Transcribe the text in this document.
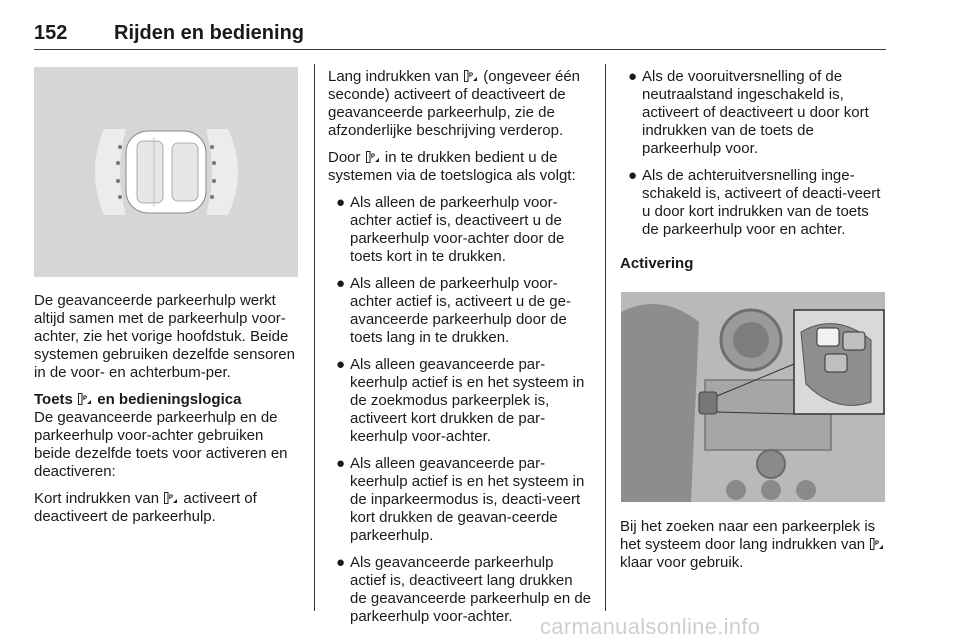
152 Rijden en bediening

De geavanceerde parkeerhulp werkt altijd samen met de parkeerhulp voor-achter, zie het vorige hoofdstuk. Beide systemen gebruiken dezelfde sensoren in de voor- en achterbum-per.

Toets P en bedieningslogica

De geavanceerde parkeerhulp en de parkeerhulp voor-achter gebruiken beide dezelfde toets voor activeren en deactiveren:

Kort indrukken van P activeert of deactiveert de parkeerhulp.

Lang indrukken van P (ongeveer één seconde) activeert of deactiveert de geavanceerde parkeerhulp, zie de afzonderlijke beschrijving verderop.

Door P in te drukken bedient u de systemen via de toetslogica als volgt:

● Als alleen de parkeerhulp voor-achter actief is, deactiveert u de parkeerhulp voor-achter door de toets kort in te drukken.
● Als alleen de parkeerhulp voor-achter actief is, activeert u de ge-avanceerde parkeerhulp door de toets lang in te drukken.
● Als alleen geavanceerde par-keerhulp actief is en het systeem in de zoekmodus parkeerplek is, activeert kort drukken de par-keerhulp voor-achter.
● Als alleen geavanceerde par-keerhulp actief is en het systeem in de inparkeermodus is, deacti-veert kort drukken de geavan-ceerde parkeerhulp.
● Als geavanceerde parkeerhulp actief is, deactiveert lang drukken de geavanceerde parkeerhulp en de parkeerhulp voor-achter.
● Als de vooruitversnelling of de neutraalstand ingeschakeld is, activeert of deactiveert u door kort indrukken van de toets de parkeerhulp voor.
● Als de achteruitversnelling inge-schakeld is, activeert of deacti-veert u door kort indrukken van de toets de parkeerhulp voor en achter.

Activering

Bij het zoeken naar een parkeerplek is het systeem door lang indrukken van P
klaar voor gebruik.

carmanualsonline.info
